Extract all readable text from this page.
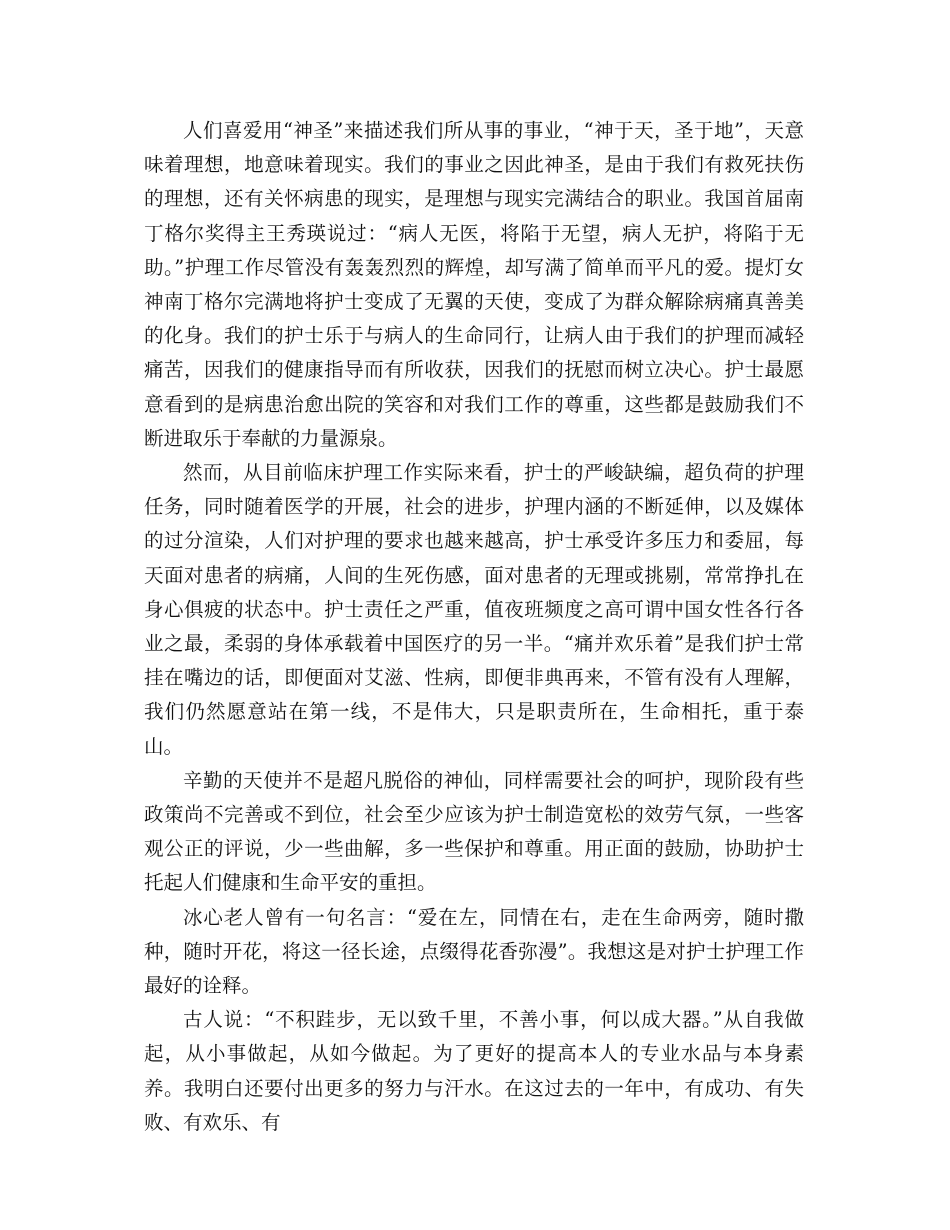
人们喜爱用“神圣”来描述我们所从事的事业，“神于天，圣于地”，天意味着理想，地意味着现实。我们的事业之因此神圣，是由于我们有救死扶伤的理想，还有关怀病患的现实，是理想与现实完满结合的职业。我国首届南丁格尔奖得主王秀瑛说过：“病人无医，将陷于无望，病人无护，将陷于无助。”护理工作尽管没有轰轰烈烈的辉煌，却写满了简单而平凡的爱。提灯女神南丁格尔完满地将护士变成了无翼的天使，变成了为群众解除病痛真善美的化身。我们的护士乐于与病人的生命同行，让病人由于我们的护理而减轻痛苦，因我们的健康指导而有所收获，因我们的抚慰而树立决心。护士最愿意看到的是病患治愈出院的笑容和对我们工作的尊重，这些都是鼓励我们不断进取乐于奉献的力量源泉。

然而，从目前临床护理工作实际来看，护士的严峻缺编，超负荷的护理任务，同时随着医学的开展，社会的进步，护理内涵的不断延伸，以及媒体的过分渲染，人们对护理的要求也越来越高，护士承受许多压力和委屈，每天面对患者的病痛，人间的生死伤感，面对患者的无理或挑剔，常常挣扎在身心俱疲的状态中。护士责任之严重，值夜班频度之高可谓中国女性各行各业之最，柔弱的身体承载着中国医疗的另一半。“痛并欢乐着”是我们护士常挂在嘴边的话，即便面对艾滋、性病，即便非典再来，不管有没有人理解，我们仍然愿意站在第一线，不是伟大，只是职责所在，生命相托，重于泰山。

辛勤的天使并不是超凡脱俗的神仙，同样需要社会的呵护，现阶段有些政策尚不完善或不到位，社会至少应该为护士制造宽松的效劳气氛，一些客观公正的评说，少一些曲解，多一些保护和尊重。用正面的鼓励，协助护士托起人们健康和生命平安的重担。

冰心老人曾有一句名言：“爱在左，同情在右，走在生命两旁，随时撒种，随时开花，将这一径长途，点缀得花香弥漫”。我想这是对护士护理工作最好的诠释。

古人说：“不积跬步，无以致千里，不善小事，何以成大器。”从自我做起，从小事做起，从如今做起。为了更好的提高本人的专业水品与本身素养。我明白还要付出更多的努力与汗水。在这过去的一年中，有成功、有失败、有欢乐、有
